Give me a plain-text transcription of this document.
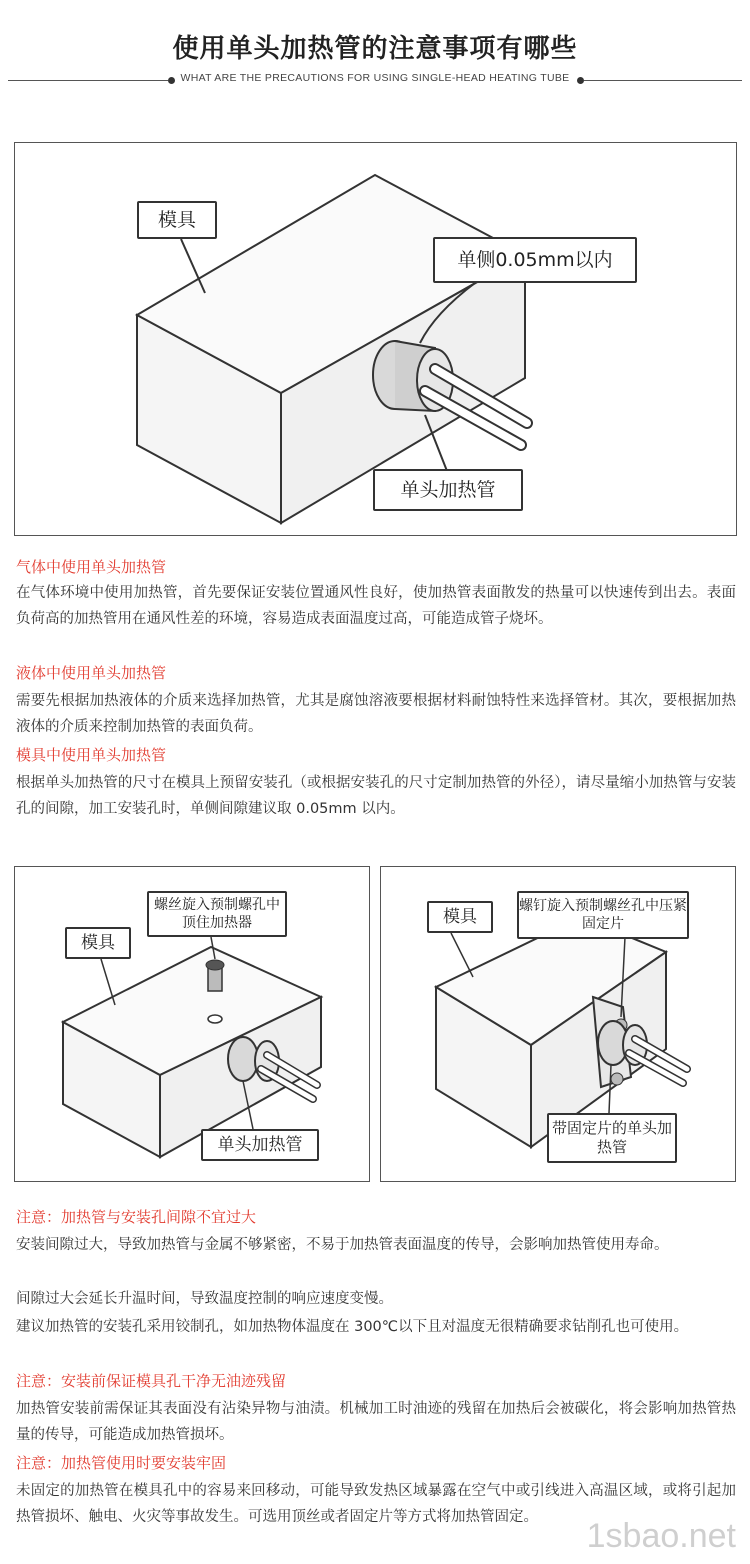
使用单头加热管的注意事项有哪些
WHAT ARE THE PRECAUTIONS FOR USING SINGLE-HEAD HEATING TUBE
模具
单侧0.05mm以内
单头加热管
气体中使用单头加热管
在气体环境中使用加热管，首先要保证安装位置通风性良好，使加热管表面散发的热量可以快速传到出去。表面负荷高的加热管用在通风性差的环境，容易造成表面温度过高，可能造成管子烧坏。
液体中使用单头加热管
需要先根据加热液体的介质来选择加热管，尤其是腐蚀溶液要根据材料耐蚀特性来选择管材。其次，要根据加热液体的介质来控制加热管的表面负荷。
模具中使用单头加热管
根据单头加热管的尺寸在模具上预留安装孔（或根据安装孔的尺寸定制加热管的外径），请尽量缩小加热管与安装孔的间隙，加工安装孔时，单侧间隙建议取 0.05mm 以内。
螺丝旋入预制螺孔中顶住加热器
模具
单头加热管
模具
螺钉旋入预制螺丝孔中压紧固定片
带固定片的单头加热管
注意：加热管与安装孔间隙不宜过大
安装间隙过大，导致加热管与金属不够紧密，不易于加热管表面温度的传导，会影响加热管使用寿命。
间隙过大会延长升温时间，导致温度控制的响应速度变慢。
建议加热管的安装孔采用铰制孔，如加热物体温度在 300℃以下且对温度无很精确要求钻削孔也可使用。
注意：安装前保证模具孔干净无油迹残留
加热管安装前需保证其表面没有沾染异物与油渍。机械加工时油迹的残留在加热后会被碳化，将会影响加热管热量的传导，可能造成加热管损坏。
注意：加热管使用时要安装牢固
未固定的加热管在模具孔中的容易来回移动，可能导致发热区域暴露在空气中或引线进入高温区域，或将引起加热管损坏、触电、火灾等事故发生。可选用顶丝或者固定片等方式将加热管固定。	1sbao.net
